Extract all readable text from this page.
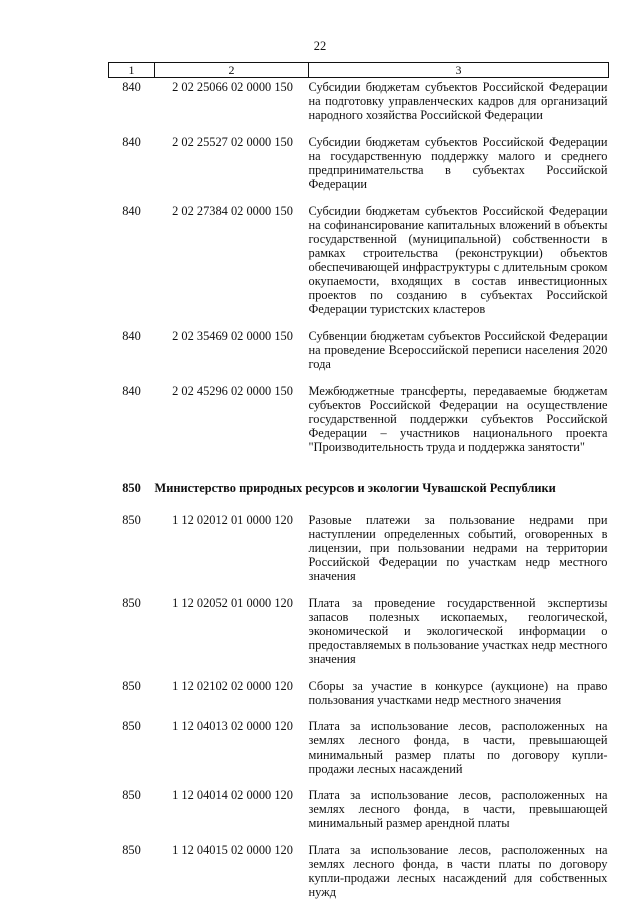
22
1	2	3
840	2 02 25066 02 0000 150	Субсидии бюджетам субъектов Российской Федерации на подготовку управленческих кадров для организаций народного хозяйства Российской Федерации
840	2 02 25527 02 0000 150	Субсидии бюджетам субъектов Российской Федерации на государственную поддержку малого и среднего предпринимательства в субъектах Российской Федерации
840	2 02 27384 02 0000 150	Субсидии бюджетам субъектов Российской Федерации на софинансирование капитальных вложений в объекты государственной (муниципальной) собственности в рамках строительства (реконструкции) объектов обеспечивающей инфраструктуры с длительным сроком окупаемости, входящих в состав инвестиционных проектов по созданию в субъектах Российской Федерации туристских кластеров
840	2 02 35469 02 0000 150	Субвенции бюджетам субъектов Российской Федерации на проведение Всероссийской переписи населения 2020 года
840	2 02 45296 02 0000 150	Межбюджетные трансферты, передаваемые бюджетам субъектов Российской Федерации на осуществление государственной поддержки субъектов Российской Федерации – участников национального проекта "Производительность труда и поддержка занятости"
850	Министерство природных ресурсов и экологии Чувашской Республики	
850	1 12 02012 01 0000 120	Разовые платежи за пользование недрами при наступлении определенных событий, оговоренных в лицензии, при пользовании недрами на территории Российской Федерации по участкам недр местного значения
850	1 12 02052 01 0000 120	Плата за проведение государственной экспертизы запасов полезных ископаемых, геологической, экономической и экологической информации о предоставляемых в пользование участках недр местного значения
850	1 12 02102 02 0000 120	Сборы за участие в конкурсе (аукционе) на право пользования участками недр местного значения
850	1 12 04013 02 0000 120	Плата за использование лесов, расположенных на землях лесного фонда, в части, превышающей минимальный размер платы по договору купли-продажи лесных насаждений
850	1 12 04014 02 0000 120	Плата за использование лесов, расположенных на землях лесного фонда, в части, превышающей минимальный размер арендной платы
850	1 12 04015 02 0000 120	Плата за использование лесов, расположенных на землях лесного фонда, в части платы по договору купли-продажи лесных насаждений для собственных нужд
